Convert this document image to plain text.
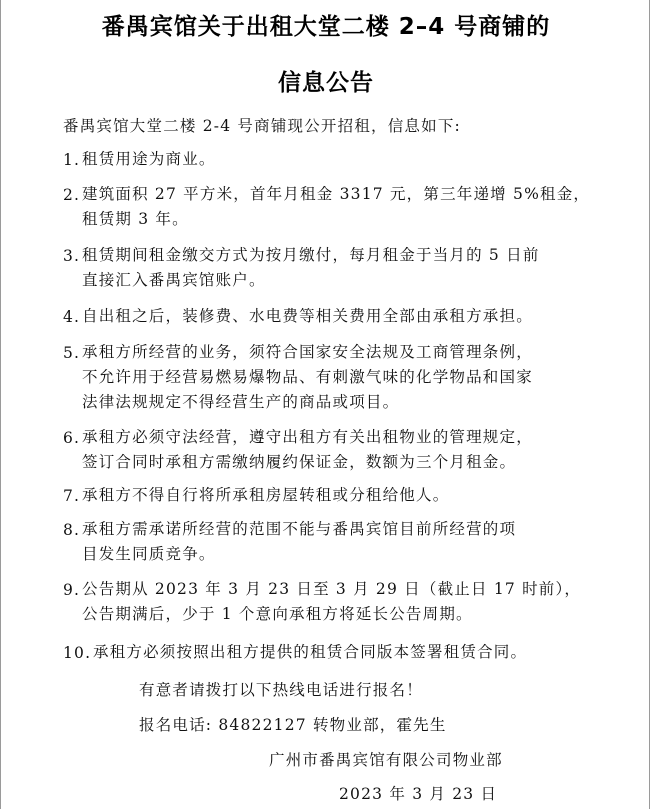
番禺宾馆关于出租大堂二楼 2–4 号商铺的
信息公告
番禺宾馆大堂二楼 2-4 号商铺现公开招租，信息如下:
1. 租赁用途为商业。
2. 建筑面积 27 平方米，首年月租金 3317 元，第三年递增 5%租金，
租赁期 3 年。
3. 租赁期间租金缴交方式为按月缴付，每月租金于当月的 5 日前
直接汇入番禺宾馆账户。
4. 自出租之后，装修费、水电费等相关费用全部由承租方承担。
5. 承租方所经营的业务，须符合国家安全法规及工商管理条例，
不允许用于经营易燃易爆物品、有刺激气味的化学物品和国家
法律法规规定不得经营生产的商品或项目。
6. 承租方必须守法经营，遵守出租方有关出租物业的管理规定，
签订合同时承租方需缴纳履约保证金，数额为三个月租金。
7. 承租方不得自行将所承租房屋转租或分租给他人。
8. 承租方需承诺所经营的范围不能与番禺宾馆目前所经营的项
目发生同质竞争。
9. 公告期从 2023 年 3 月 23 日至 3 月 29 日（截止日 17 时前），
公告期满后，少于 1 个意向承租方将延长公告周期。
10. 承租方必须按照出租方提供的租赁合同版本签署租赁合同。
有意者请拨打以下热线电话进行报名！
报名电话: 84822127 转物业部，霍先生
广州市番禺宾馆有限公司物业部
2023 年 3 月 23 日
